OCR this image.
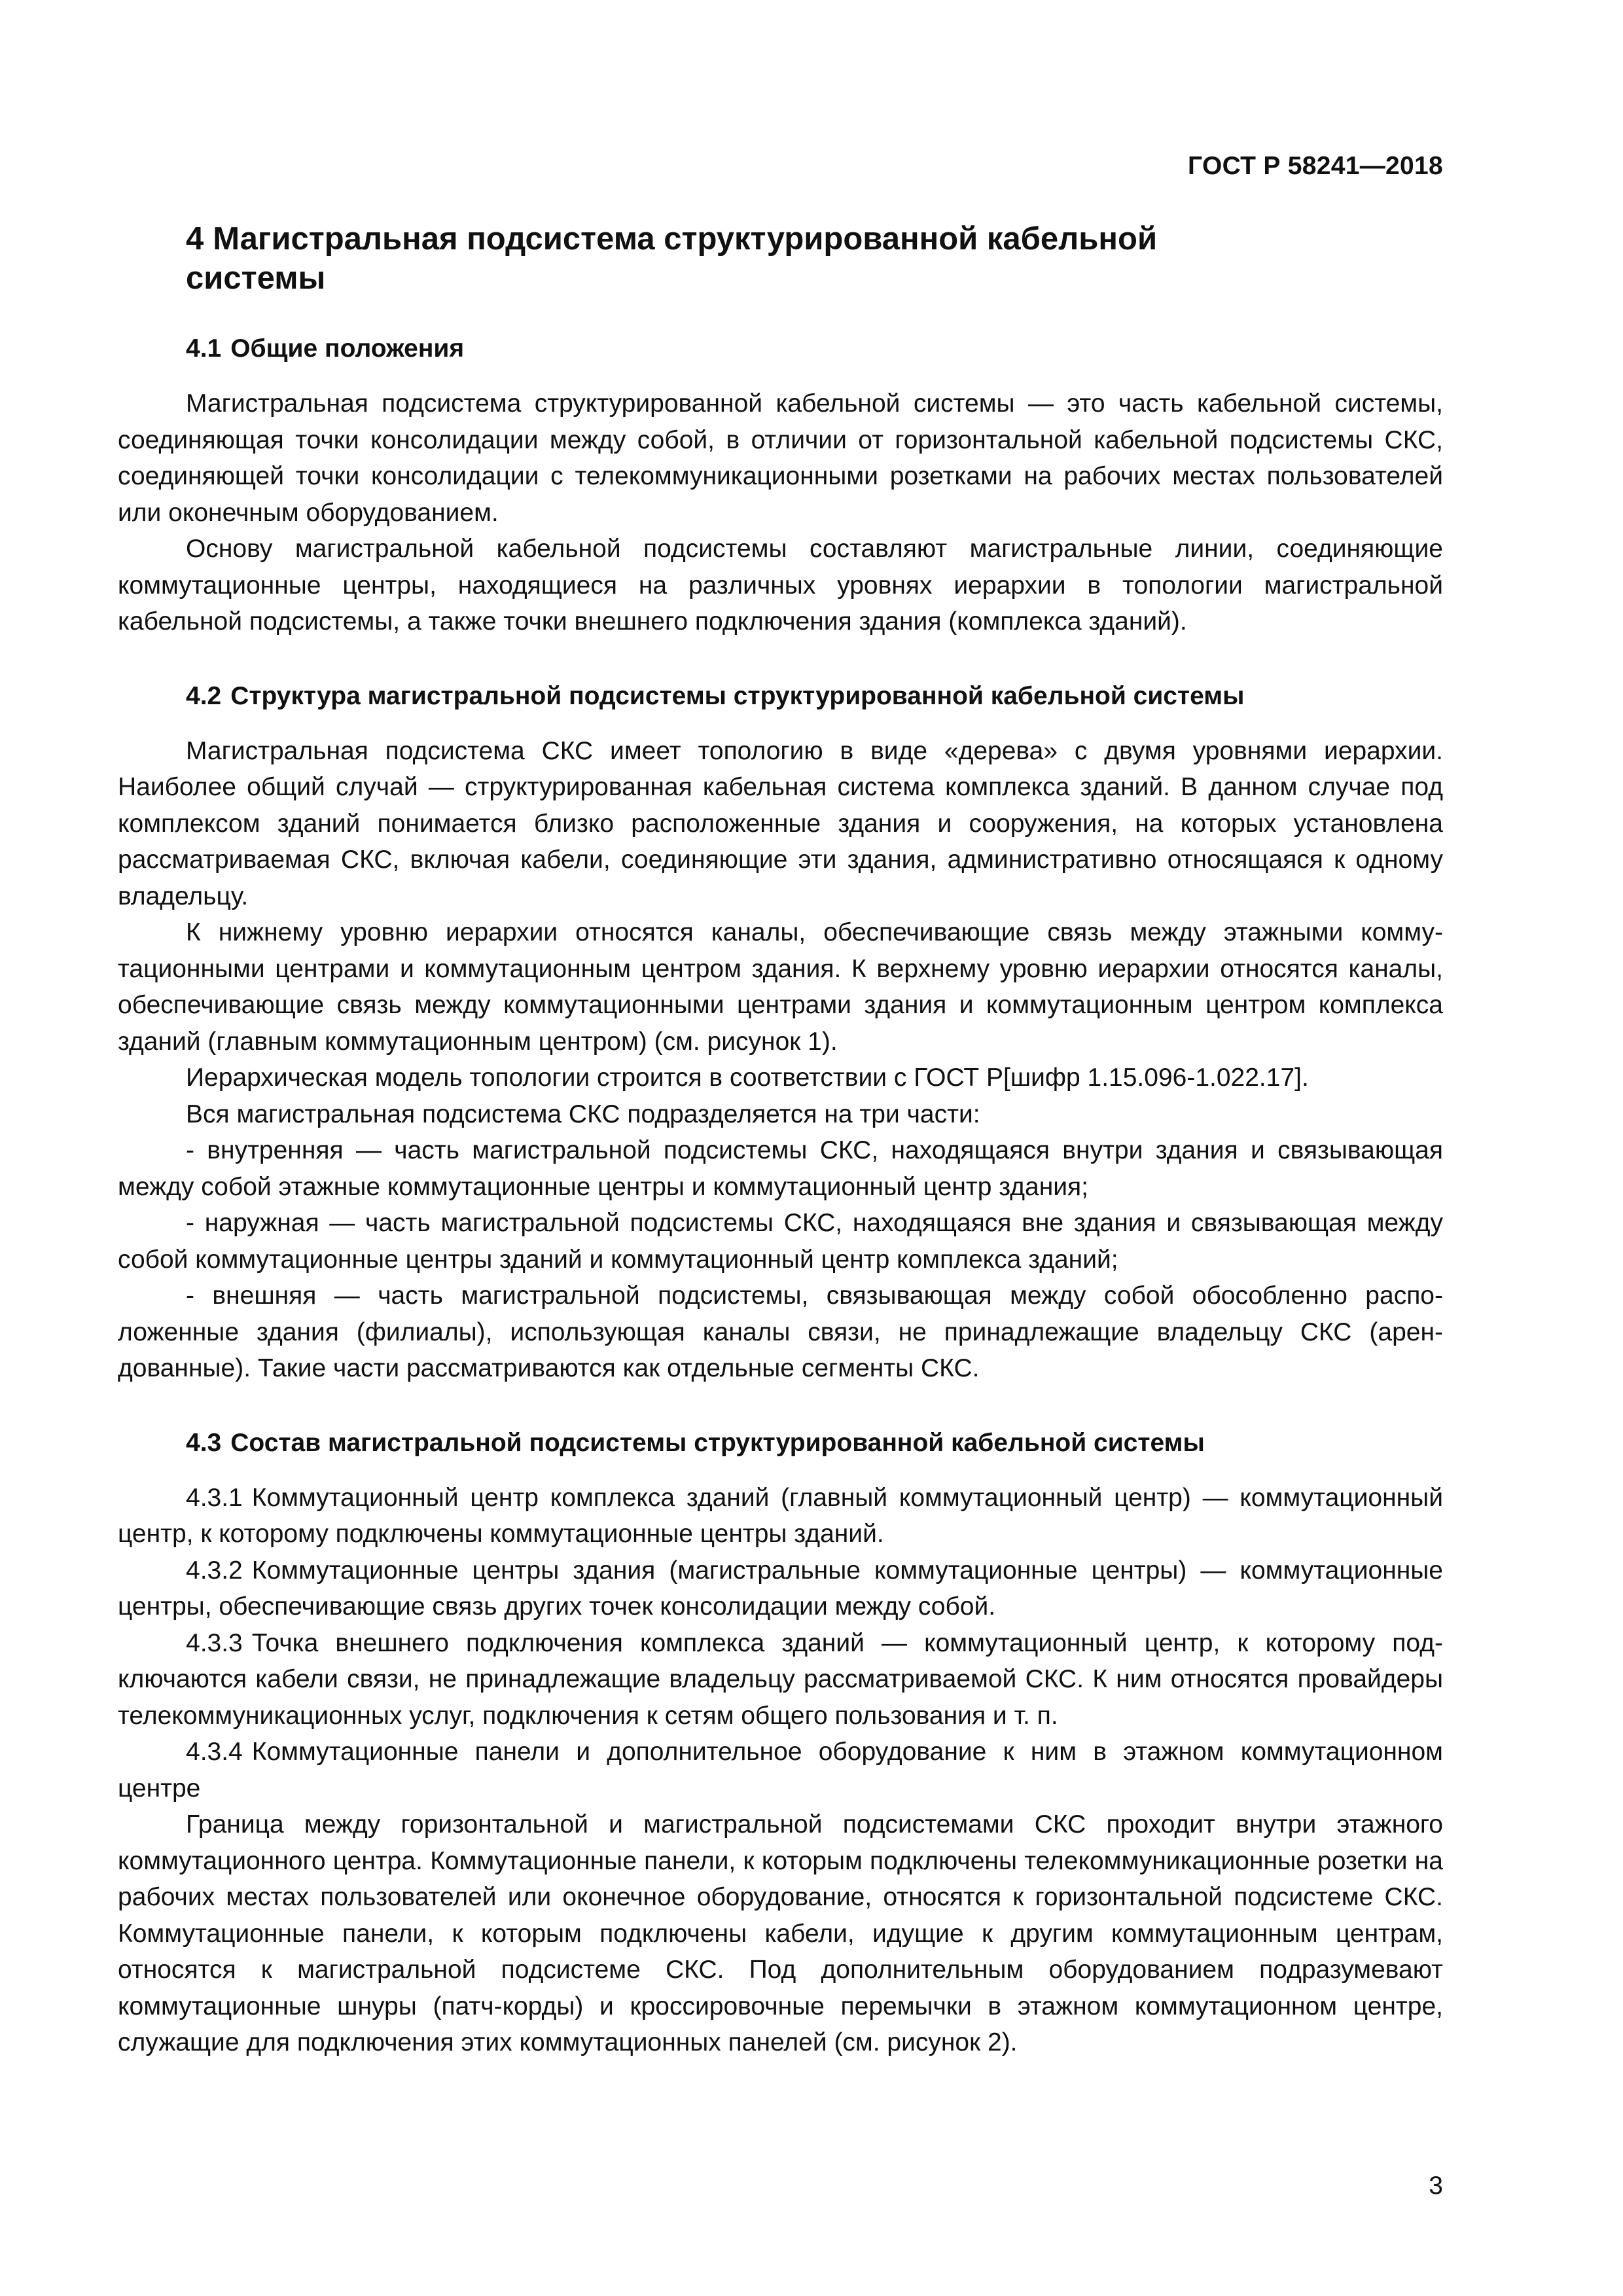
ГОСТ Р 58241—2018
4 Магистральная подсистема структурированной кабельной системы
4.1 Общие положения

Магистральная подсистема структурированной кабельной системы — это часть кабельной системы, соединяющая точки консолидации между собой, в отличии от горизонтальной кабельной подсистемы СКС, соединяющей точки консолидации с телекоммуникационными розетками на рабочих местах пользователей или оконечным оборудованием.

Основу магистральной кабельной подсистемы составляют магистральные линии, соединяющие коммутационные центры, находящиеся на различных уровнях иерархии в топологии магистральной кабельной подсистемы, а также точки внешнего подключения здания (комплекса зданий).

4.2 Структура магистральной подсистемы структурированной кабельной системы

Магистральная подсистема СКС имеет топологию в виде «дерева» с двумя уровнями иерархии. Наиболее общий случай — структурированная кабельная система комплекса зданий. В данном случае под комплексом зданий понимается близко расположенные здания и сооружения, на которых установлена рассматриваемая СКС, включая кабели, соединяющие эти здания, административно относящаяся к одному владельцу.

К нижнему уровню иерархии относятся каналы, обеспечивающие связь между этажными коммутационными центрами и коммутационным центром здания. К верхнему уровню иерархии относятся каналы, обеспечивающие связь между коммутационными центрами здания и коммутационным центром комплекса зданий (главным коммутационным центром) (см. рисунок 1).

Иерархическая модель топологии строится в соответствии с ГОСТ Р[шифр 1.15.096-1.022.17].

Вся магистральная подсистема СКС подразделяется на три части:

- внутренняя — часть магистральной подсистемы СКС, находящаяся внутри здания и связывающая между собой этажные коммутационные центры и коммутационный центр здания;

- наружная — часть магистральной подсистемы СКС, находящаяся вне здания и связывающая между собой коммутационные центры зданий и коммутационный центр комплекса зданий;

- внешняя — часть магистральной подсистемы, связывающая между собой обособленно расположенные здания (филиалы), использующая каналы связи, не принадлежащие владельцу СКС (арендованные). Такие части рассматриваются как отдельные сегменты СКС.

4.3 Состав магистральной подсистемы структурированной кабельной системы

4.3.1 Коммутационный центр комплекса зданий (главный коммутационный центр) — коммутационный центр, к которому подключены коммутационные центры зданий.

4.3.2 Коммутационные центры здания (магистральные коммутационные центры) — коммутационные центры, обеспечивающие связь других точек консолидации между собой.

4.3.3 Точка внешнего подключения комплекса зданий — коммутационный центр, к которому подключаются кабели связи, не принадлежащие владельцу рассматриваемой СКС. К ним относятся провайдеры телекоммуникационных услуг, подключения к сетям общего пользования и т. п.

4.3.4 Коммутационные панели и дополнительное оборудование к ним в этажном коммутационном центре

Граница между горизонтальной и магистральной подсистемами СКС проходит внутри этажного коммутационного центра. Коммутационные панели, к которым подключены телекоммуникационные розетки на рабочих местах пользователей или оконечное оборудование, относятся к горизонтальной подсистеме СКС. Коммутационные панели, к которым подключены кабели, идущие к другим коммутационным центрам, относятся к магистральной подсистеме СКС. Под дополнительным оборудованием подразумевают коммутационные шнуры (патч-корды) и кроссировочные перемычки в этажном коммутационном центре, служащие для подключения этих коммутационных панелей (см. рисунок 2).

3
